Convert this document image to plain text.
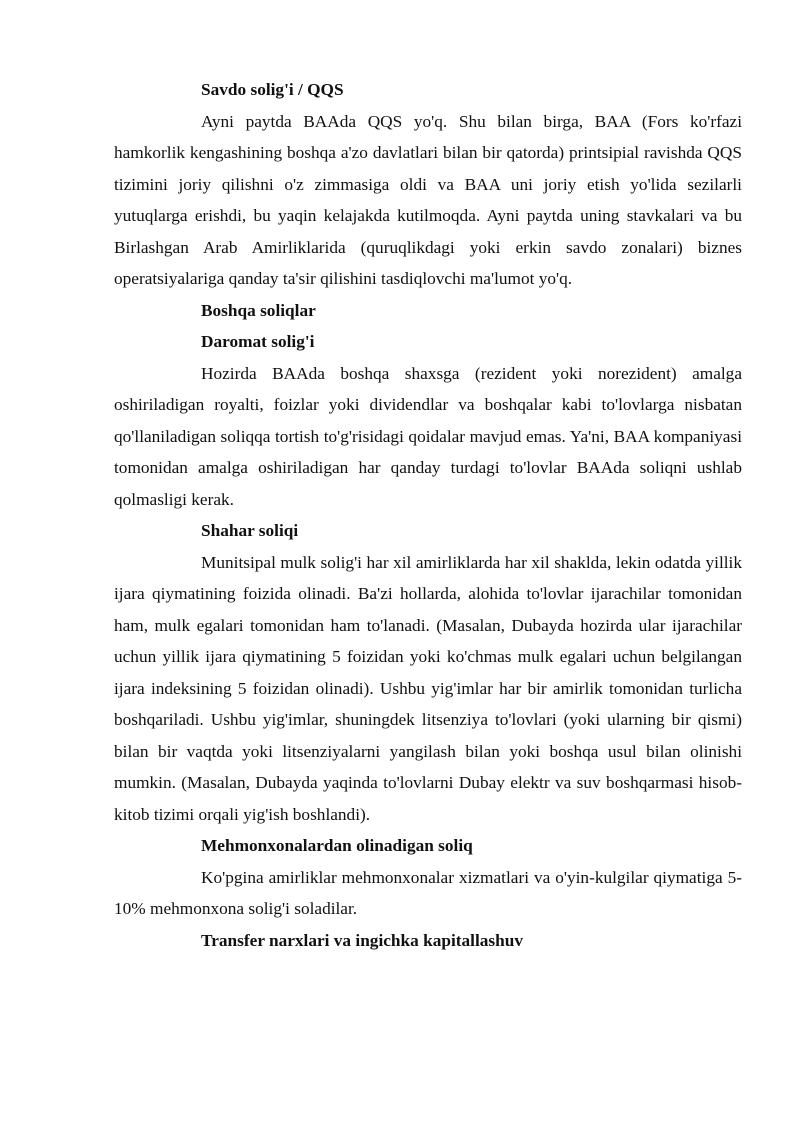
Savdo solig'i / QQS

Ayni paytda BAAda QQS yo'q. Shu bilan birga, BAA (Fors ko'rfazi hamkorlik kengashining boshqa a'zo davlatlari bilan bir qatorda) printsipial ravishda QQS tizimini joriy qilishni o'z zimmasiga oldi va BAA uni joriy etish yo'lida sezilarli yutuqlarga erishdi, bu yaqin kelajakda kutilmoqda. Ayni paytda uning stavkalari va bu Birlashgan Arab Amirliklarida (quruqlikdagi yoki erkin savdo zonalari) biznes operatsiyalariga qanday ta'sir qilishini tasdiqlovchi ma'lumot yo'q.

Boshqa soliqlar

Daromat solig'i

Hozirda BAAda boshqa shaxsga (rezident yoki norezident) amalga oshiriladigan royalti, foizlar yoki dividendlar va boshqalar kabi to'lovlarga nisbatan qo'llaniladigan soliqqa tortish to'g'risidagi qoidalar mavjud emas. Ya'ni, BAA kompaniyasi tomonidan amalga oshiriladigan har qanday turdagi to'lovlar BAAda soliqni ushlab qolmasligi kerak.

Shahar soliqi

Munitsipal mulk solig'i har xil amirliklarda har xil shaklda, lekin odatda yillik ijara qiymatining foizida olinadi. Ba'zi hollarda, alohida to'lovlar ijarachilar tomonidan ham, mulk egalari tomonidan ham to'lanadi. (Masalan, Dubayda hozirda ular ijarachilar uchun yillik ijara qiymatining 5 foizidan yoki ko'chmas mulk egalari uchun belgilangan ijara indeksining 5 foizidan olinadi). Ushbu yig'imlar har bir amirlik tomonidan turlicha boshqariladi. Ushbu yig'imlar, shuningdek litsenziya to'lovlari (yoki ularning bir qismi) bilan bir vaqtda yoki litsenziyalarni yangilash bilan yoki boshqa usul bilan olinishi mumkin. (Masalan, Dubayda yaqinda to'lovlarni Dubay elektr va suv boshqarmasi hisob-kitob tizimi orqali yig'ish boshlandi).

Mehmonxonalardan olinadigan soliq

Ko'pgina amirliklar mehmonxonalar xizmatlari va o'yin-kulgilar qiymatiga 5-10% mehmonxona solig'i soladilar.

Transfer narxlari va ingichka kapitallashuv
